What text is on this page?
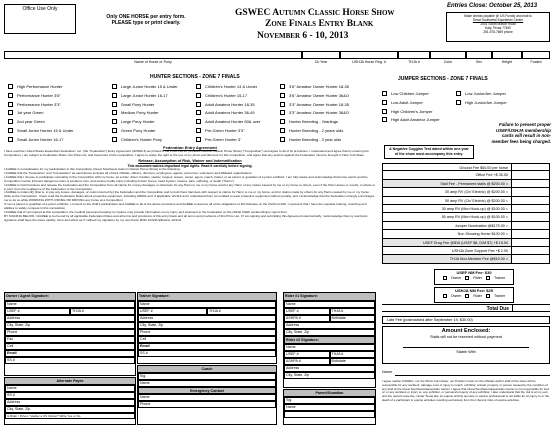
Office Use Only
Only ONE HORSE per entry form.
PLEASE type or print clearly.
GSWEC Autumn Classic Horse Show
Zone Finals Entry Blank
November 6 - 10, 2013
Entries Close: October 25, 2013
Make checks payable (in US Funds) and mail to
Great Southwest Equestrian Center
2501 South Mason Road
Katy, Texas 77450
281-578-7669 phone
Name of Horse or Pony	Ck Year	USHJA Horse Reg. #	THJA #	Color	Sex	Height	Foaled
HUNTER SECTIONS - ZONE 7 FINALS	JUMPER SECTIONS - ZONE 7 FINALS
High Performance Hunter
Performance Hunter 3'6"
Performance Hunter 3'3"
1st year Green
2nd year Green
Small Junior Hunter 15 & Under
Small Junior Hunter 16-17
Large Junior Hunter 15 & Under
Large Junior Hunter 16-17
Small Pony Hunter
Medium Pony Hunter
Large Pony Hunter
Green Pony Hunter
Children's Hunter Pony
Children's Hunter 14 & Under
Children's Hunter 15-17
Adult Amateur Hunter 18-35
Adult Amateur Hunter 36-49
Adult Amateur Hunter 50& over
Pre-Green Hunter 3'3"
Pre-Green Hunter 3'
3'6" Amateur Owner Hunter 18-35
3'6" Amateur Owner Hunter 36&O
3'3" Amateur Owner Hunter 18-35
3'3" Amateur Owner Hunter 36&O
Hunter Breeding - Yearlings
Hunter Breeding - 2 years olds
Hunter Breeding - 3 year olds
Low Children Jumper
Low Adult Jumper
High Children's Jumper
High Adult Amateur Jumper
Low Junior/Am Jumper
High Junior/Am Jumper
Failure to present proper
USEF/USHJA membership
cards will result in non-
member fees being charged.
A Negative Coggins Test dated within one year
of the show must accompany this entry.
Federation Entry Agreement
I have read the United States Equestrian Federation, Inc. (the "Federation") Entry Agreement (GR906.4) as printed in the Prize List for (GSWEC Autumn Classic Horse Show) ("Competition") and agree to all of its provisions. I understand and agree that by entering the Competition, I am subject to Federation Rules, the Prize List, and local rules of the competition. I agree to waive the right to the use of my photo and likeness for this competition, and agree that any actions against the Federation must be brought in New York State.
Release, Assumption of Risk, Waiver and Indemnification
This document waives important legal rights. Read it carefully before signing.
I AGREE in consideration for my participation in this Competition (Great Southwest Autumn Classic Horse Show) to the following:
I AGREE that the "Federation" and "Competition" as used above includes all of their officials, officers, directors, employees, agents, personnel, volunteers and affiliated organizations.
I AGREE that I choose to participate voluntarily in the Competition with my horse, as a rider, driver, handler, vaulter, longeur, lessee, owner, agent, coach, trainer, or as parent or guardian of a junior exhibitor. I am fully aware and acknowledge that horse sports and the Competition involve inherent dangerous risks of accident, loss, and serious bodily injury including broken bones, head injuries, trauma, pain, suffering, or death ("Harm").
I AGREE to hold harmless and release the Federation and the Competition from all claims for money damages or otherwise for any Harm to me or my horse and for any Harm of any nature caused by me or my horse to others, even if the Harm arises or results, in whole or in part, from the negligence of the Federation or the Competition.
I AGREE to indemnify (that is, to pay any losses, damages, or costs incurred by) the Federation and the Competition and to hold them harmless with respect to claims for Harm to me or my horse, and for claims made by others for any Harm caused by me or my horse while at the Competition. I have read the Federation Rules about protective equipment, including GR801 and, if applicable, EV114 and I understand that I am entitled to wear protective equipment without penalty, and I acknowledge that the Federation strongly encourages me to do so while WORKING WITH, RIDING OR DRIVING any horse at a Competition.
If I am a parent or guardian of a junior exhibitor, I consent to the child's participation and AGREE to all of the above provisions and AGREE to assume all of the obligations of this Release on the child's behalf. I represent that I have the requisite training, coaching and abilities to safely compete in this competition.
I AGREE that if I am injured at this competition, the medical personnel treating my injuries may provide information on my injury and treatment to the Federation on the official USEF accident/injury report form.
BY SIGNING BELOW, I AGREE to be bound by all applicable Federation Rules and all terms and provisions of this entry blank and all terms and provisions of this Prize List. If I am signing and submitting this Agreement electronically, I acknowledge that my electronic signature shall have the same validity, force and effect as if I affixed my signature by my own hand. BOD 12/3/11 Effective 12/1/11
Owner / Agent Signature:
Name
USEF #	THJA #
Address
City, State, Zip
Phone
Fax
Cell
Email
SS #
Trainer Signature:
Name
USEF #	THJA #
Address
City, State, Zip
Phone
Cell
Email
SS #
Rider #1 Signature:
Name
USEF #	THJA #
ASHPA #	Birthdate
Address
City, State, Zip
Rider #2 Signature:
Name
USEF #	THJA #
ASHPA #	Birthdate
Address
City, State, Zip
Alternate Payee
Name
SS #
Address
City, State, Zip
Is Rider / Driver / Vaulter a US Citizen? Write Yes or No
Coach
Sig.
Name
Emergency Contact
Name
Phone
Parent/Guardian
Sig.
Name
Ground Fee $50.00 per horse
Office Fee +$ 35.00
Stall Fee - Permanent stalls @ $200.00 =
30 amp RV (Ch/ Electric) @ $200.00 =
50 amp RV (Ch/ Electric) @ $200.00 =
30 amp RV (Mon Hook-up) @ $100.00 =
50 amp RV (Mon Hook-up) @ $100.00 =
Jumper Nomination @$175.00 =
Non Showing Horse $100.00 =
USEF Drug Fee @$16 (USEF $8, D/M $7) +$ 15.00
USHJA Zone Support Fee +$ 2.00
THJA Non-Member Fee @$10.00 =
USEF NM Fee: $30
Owner	Rider	Trainer
USHJA NM Fee: $25
Owner	Rider	Trainer
Total Due
Late Fee (postmarked after September 19, $30.00)
Amount Enclosed:
Stalls will not be reserved without payment
Stable With
Name
I agree neither GSWEC, nor the Show Committee, nor Position Cook nor the officials and/or staff of the show will be responsible for any accident, damage, loss or injury to coach, exhibitor, animal, property or person caused by the condition of any kind at the Great Southwest Equestrian Center. I agree that Great Southwest Equestrian Center is not responsible for loss of, or any accident or injury to, any exhibitor, or personal property of any exhibitor. I also understand that the risk is at my own and the owners expense. Under Texas law, an equine activity sponsor or equine professional is not liable for an injury to or the death of a participant in equine activities resulting exclusively from the inherent risks of equine activities.
